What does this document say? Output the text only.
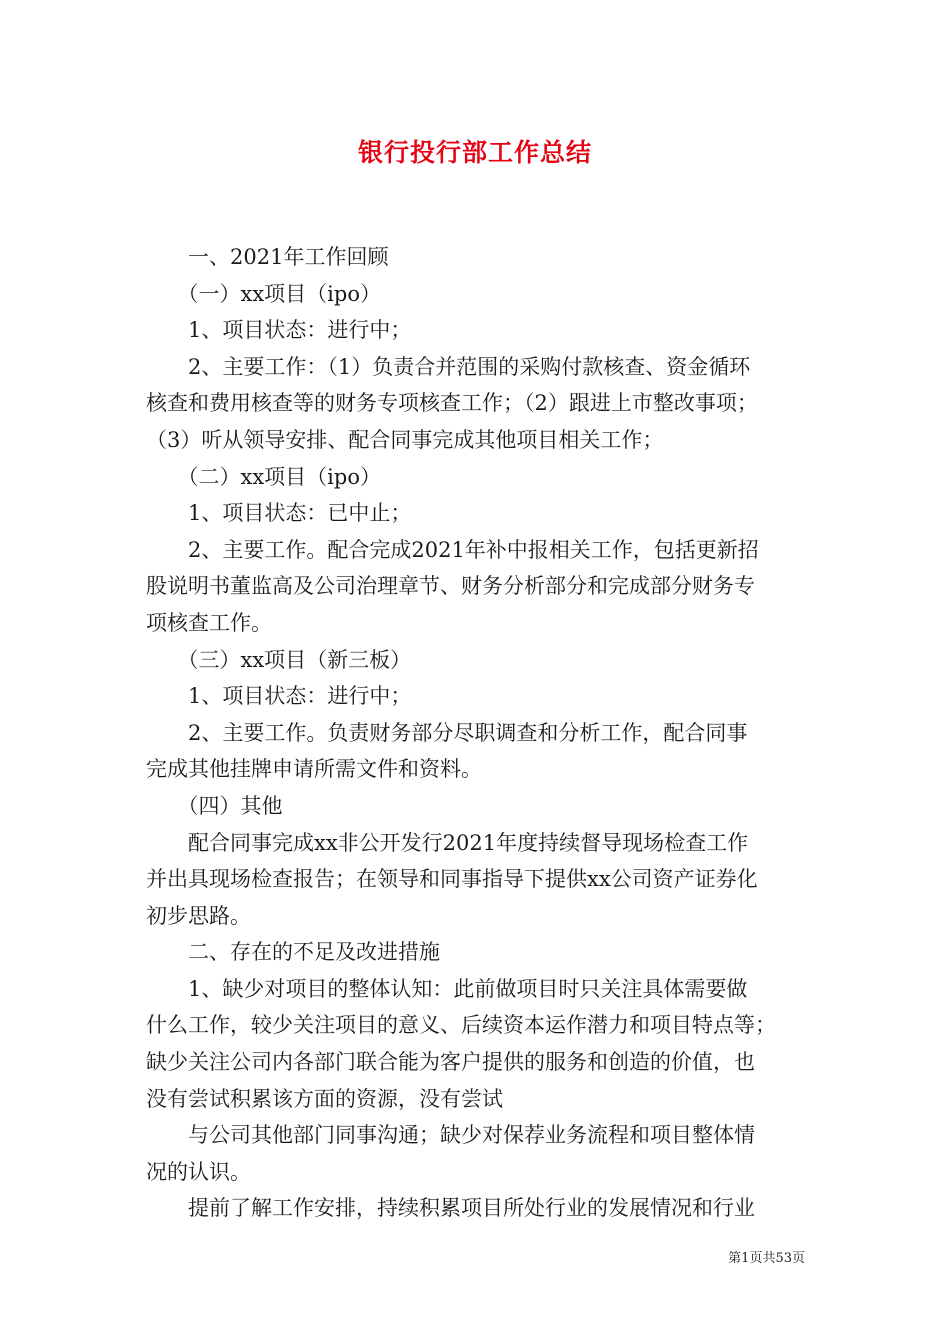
银行投行部工作总结

　　一、2021年工作回顾

　　（一）xx项目（ipo）

　　1、项目状态：进行中；

　　2、主要工作：（1）负责合并范围的采购付款核查、资金循环

核查和费用核查等的财务专项核查工作；（2）跟进上市整改事项；

（3）听从领导安排、配合同事完成其他项目相关工作；

　　（二）xx项目（ipo）

　　1、项目状态：已中止；

　　2、主要工作。配合完成2021年补中报相关工作，包括更新招

股说明书董监高及公司治理章节、财务分析部分和完成部分财务专

项核查工作。

　　（三）xx项目（新三板）

　　1、项目状态：进行中；

　　2、主要工作。负责财务部分尽职调查和分析工作，配合同事

完成其他挂牌申请所需文件和资料。

　　（四）其他

　　配合同事完成xx非公开发行2021年度持续督导现场检查工作

并出具现场检查报告；在领导和同事指导下提供xx公司资产证券化

初步思路。

　　二、存在的不足及改进措施

　　1、缺少对项目的整体认知：此前做项目时只关注具体需要做

什么工作，较少关注项目的意义、后续资本运作潜力和项目特点等；

缺少关注公司内各部门联合能为客户提供的服务和创造的价值，也

没有尝试积累该方面的资源，没有尝试

　　与公司其他部门同事沟通；缺少对保荐业务流程和项目整体情

况的认识。

　　提前了解工作安排，持续积累项目所处行业的发展情况和行业

第1页共53页
